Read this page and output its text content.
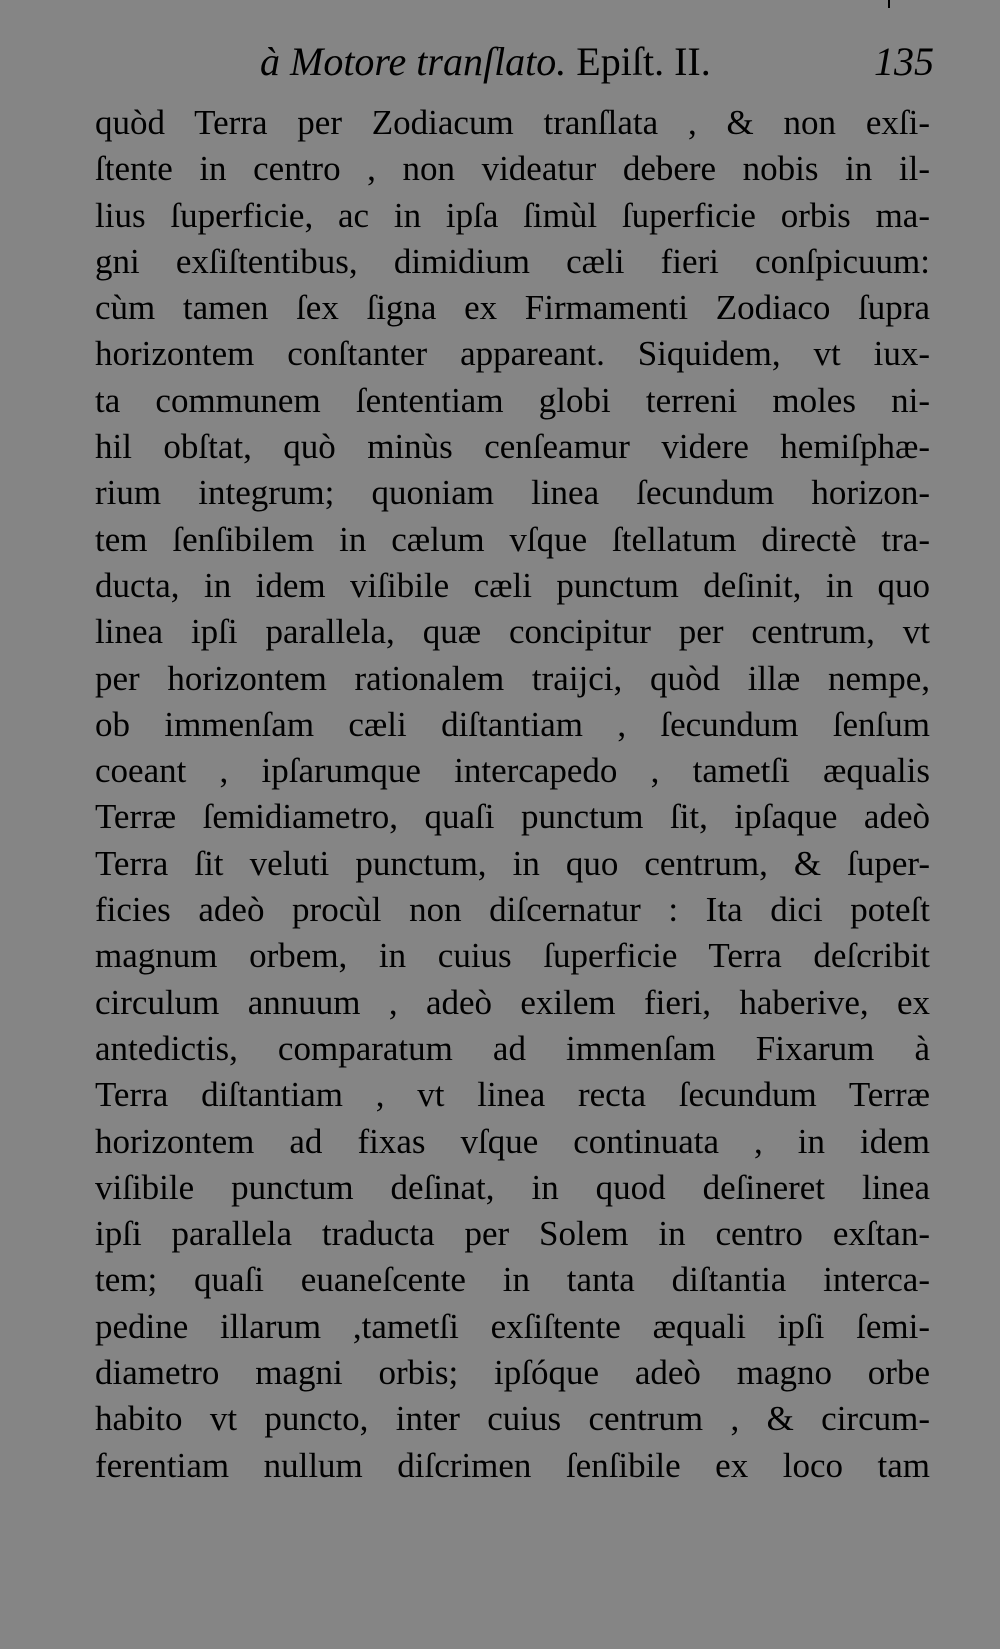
à Motore tranſlato. Epiſt. II.	135
quòd Terra per Zodiacum tranſlata , & non exſi-
ſtente in centro , non videatur debere nobis in il-
lius ſuperficie, ac in ipſa ſimùl ſuperficie orbis ma-
gni exſiſtentibus, dimidium cæli fieri conſpicuum:
cùm tamen ſex ſigna ex Firmamenti Zodiaco ſupra
horizontem conſtanter appareant. Siquidem, vt iux-
ta communem ſententiam globi terreni moles ni-
hil obſtat, quò minùs cenſeamur videre hemiſphæ-
rium integrum; quoniam linea ſecundum horizon-
tem ſenſibilem in cælum vſque ſtellatum directè tra-
ducta, in idem viſibile cæli punctum deſinit, in quo
linea ipſi parallela, quæ concipitur per centrum, vt
per horizontem rationalem traijci, quòd illæ nempe,
ob immenſam cæli diſtantiam , ſecundum ſenſum
coeant , ipſarumque intercapedo , tametſi æqualis
Terræ ſemidiametro, quaſi punctum ſit, ipſaque adeò
Terra ſit veluti punctum, in quo centrum, & ſuper-
ficies adeò procùl non diſcernatur : Ita dici poteſt
magnum orbem, in cuius ſuperficie Terra deſcribit
circulum annuum , adeò exilem fieri, haberive, ex
antedictis, comparatum ad immenſam Fixarum à
Terra diſtantiam , vt linea recta ſecundum Terræ
horizontem ad fixas vſque continuata , in idem
viſibile punctum deſinat, in quod deſineret linea
ipſi parallela traducta per Solem in centro exſtan-
tem; quaſi euaneſcente in tanta diſtantia interca-
pedine illarum ,tametſi exſiſtente æquali ipſi ſemi-
diametro magni orbis; ipſóque adeò magno orbe
habito vt puncto, inter cuius centrum , & circum-
ferentiam nullum diſcrimen ſenſibile ex loco tam
